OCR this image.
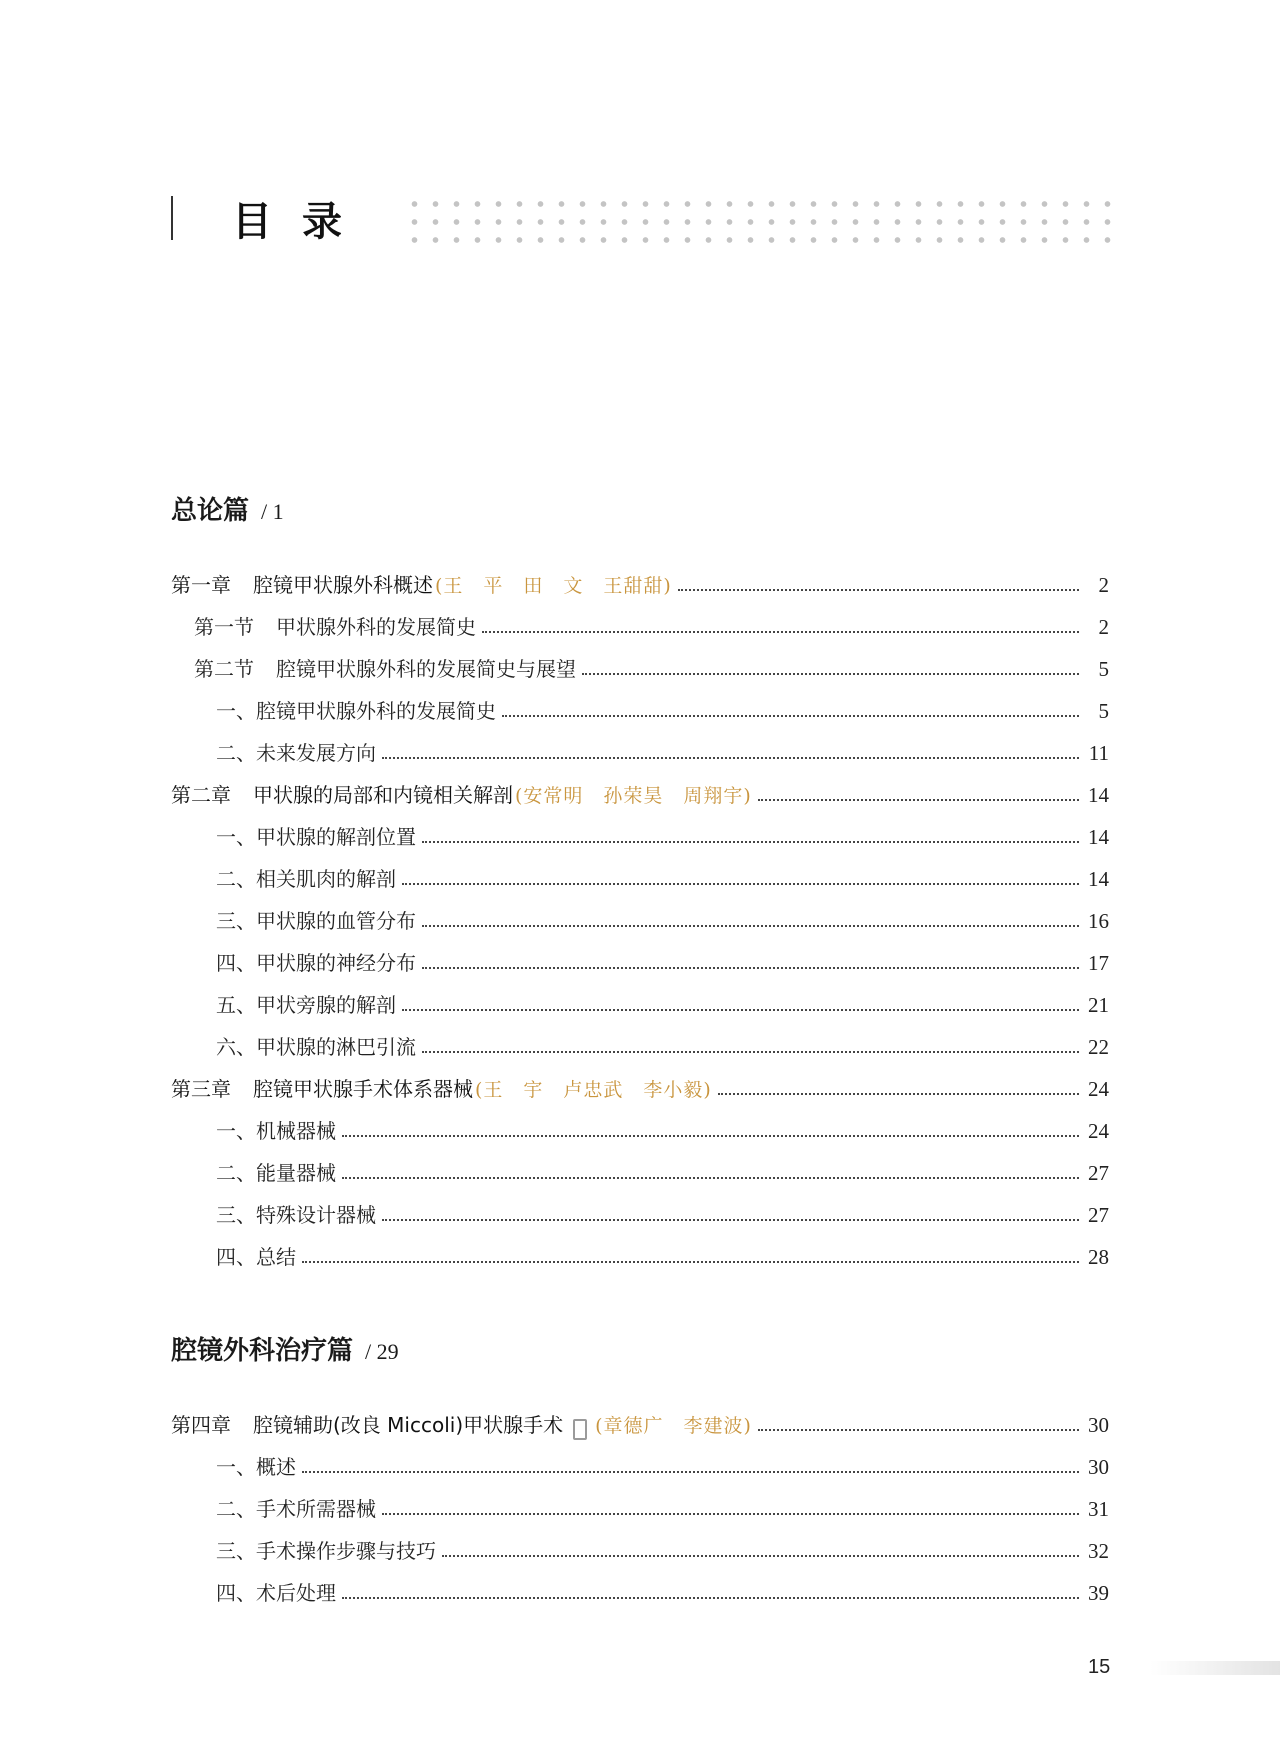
目录
总论篇 / 1
腔镜外科治疗篇 / 29
第一章 腔镜甲状腺外科概述 (王　平　田　文　王甜甜)	2
第一节 甲状腺外科的发展简史	2
第二节 腔镜甲状腺外科的发展简史与展望	5
一、腔镜甲状腺外科的发展简史	5
二、未来发展方向	11
第二章 甲状腺的局部和内镜相关解剖 (安常明　孙荣昊　周翔宇)	14
一、甲状腺的解剖位置	14
二、相关肌肉的解剖	14
三、甲状腺的血管分布	16
四、甲状腺的神经分布	17
五、甲状旁腺的解剖	21
六、甲状腺的淋巴引流	22
第三章 腔镜甲状腺手术体系器械 (王　宇　卢忠武　李小毅)	24
一、机械器械	24
二、能量器械	27
三、特殊设计器械	27
四、总结	28
第四章 腔镜辅助(改良 Miccoli)甲状腺手术 (章德广　李建波)	30
一、概述	30
二、手术所需器械	31
三、手术操作步骤与技巧	32
四、术后处理	39
15
